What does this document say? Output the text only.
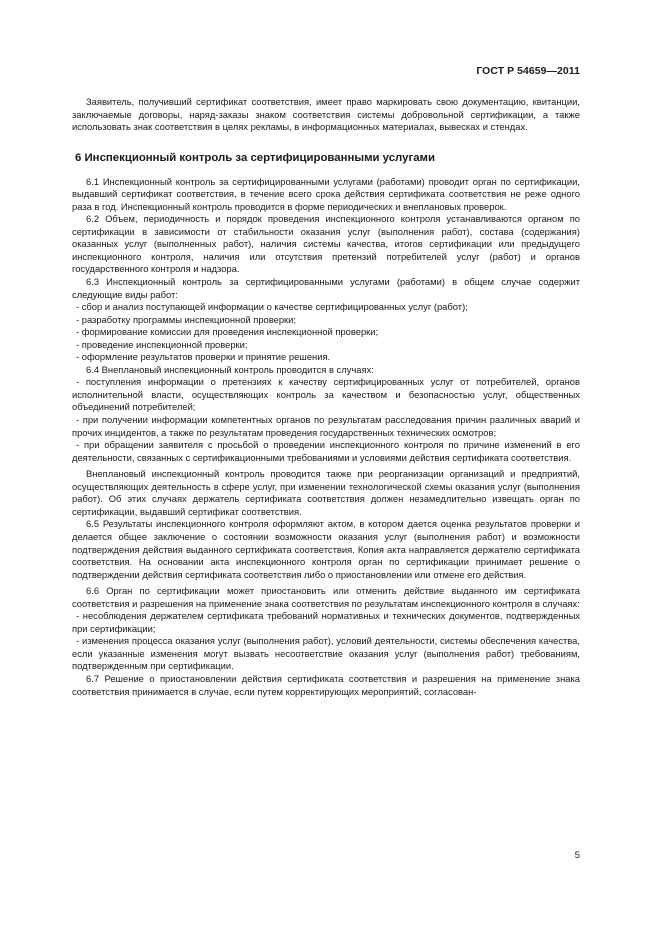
ГОСТ Р 54659—2011

Заявитель, получивший сертификат соответствия, имеет право маркировать свою документацию, квитанции, заключаемые договоры, наряд-заказы знаком соответствия системы добровольной сертификации, а также использовать знак соответствия в целях рекламы, в информационных материалах, вывесках и стендах.

6 Инспекционный контроль за сертифицированными услугами

6.1 Инспекционный контроль за сертифицированными услугами (работами) проводит орган по сертификации, выдавший сертификат соответствия, в течение всего срока действия сертификата соответствия не реже одного раза в год. Инспекционный контроль проводится в форме периодических и внеплановых проверок.

6.2 Объем, периодичность и порядок проведения инспекционного контроля устанавливаются органом по сертификации в зависимости от стабильности оказания услуг (выполнения работ), состава (содержания) оказанных услуг (выполненных работ), наличия системы качества, итогов сертификации или предыдущего инспекционного контроля, наличия или отсутствия претензий потребителей услуг (работ) и органов государственного контроля и надзора.

6.3 Инспекционный контроль за сертифицированными услугами (работами) в общем случае содержит следующие виды работ:

- сбор и анализ поступающей информации о качестве сертифицированных услуг (работ);

- разработку программы инспекционной проверки;

- формирование комиссии для проведения инспекционной проверки;

- проведение инспекционной проверки;

- оформление результатов проверки и принятие решения.

6.4 Внеплановый инспекционный контроль проводится в случаях:

- поступления информации о претензиях к качеству сертифицированных услуг от потребителей, органов исполнительной власти, осуществляющих контроль за качеством и безопасностью услуг, общественных объединений потребителей;

- при получении информации компетентных органов по результатам расследования причин различных аварий и прочих инцидентов, а также по результатам проведения государственных технических осмотров;

- при обращении заявителя с просьбой о проведении инспекционного контроля по причине изменений в его деятельности, связанных с сертификационными требованиями и условиями действия сертификата соответствия.

Внеплановый инспекционный контроль проводится также при реорганизации организаций и предприятий, осуществляющих деятельность в сфере услуг, при изменении технологической схемы оказания услуг (выполнения работ). Об этих случаях держатель сертификата соответствия должен незамедлительно извещать орган по сертификации, выдавший сертификат соответствия.

6.5 Результаты инспекционного контроля оформляют актом, в котором дается оценка результатов проверки и делается общее заключение о состоянии возможности оказания услуг (выполнения работ) и возможности подтверждения действия выданного сертификата соответствия. Копия акта направляется держателю сертификата соответствия. На основании акта инспекционного контроля орган по сертификации принимает решение о подтверждении действия сертификата соответствия либо о приостановлении или отмене его действия.

6.6 Орган по сертификации может приостановить или отменить действие выданного им сертификата соответствия и разрешения на применение знака соответствия по результатам инспекционного контроля в случаях:

- несоблюдения держателем сертификата требований нормативных и технических документов, подтвержденных при сертификации;

- изменения процесса оказания услуг (выполнения работ), условий деятельности, системы обеспечения качества, если указанные изменения могут вызвать несоответствие оказания услуг (выполнения работ) требованиям, подтвержденным при сертификации.

6.7 Решение о приостановлении действия сертификата соответствия и разрешения на применение знака соответствия принимается в случае, если путем корректирующих мероприятий, согласован-

5
